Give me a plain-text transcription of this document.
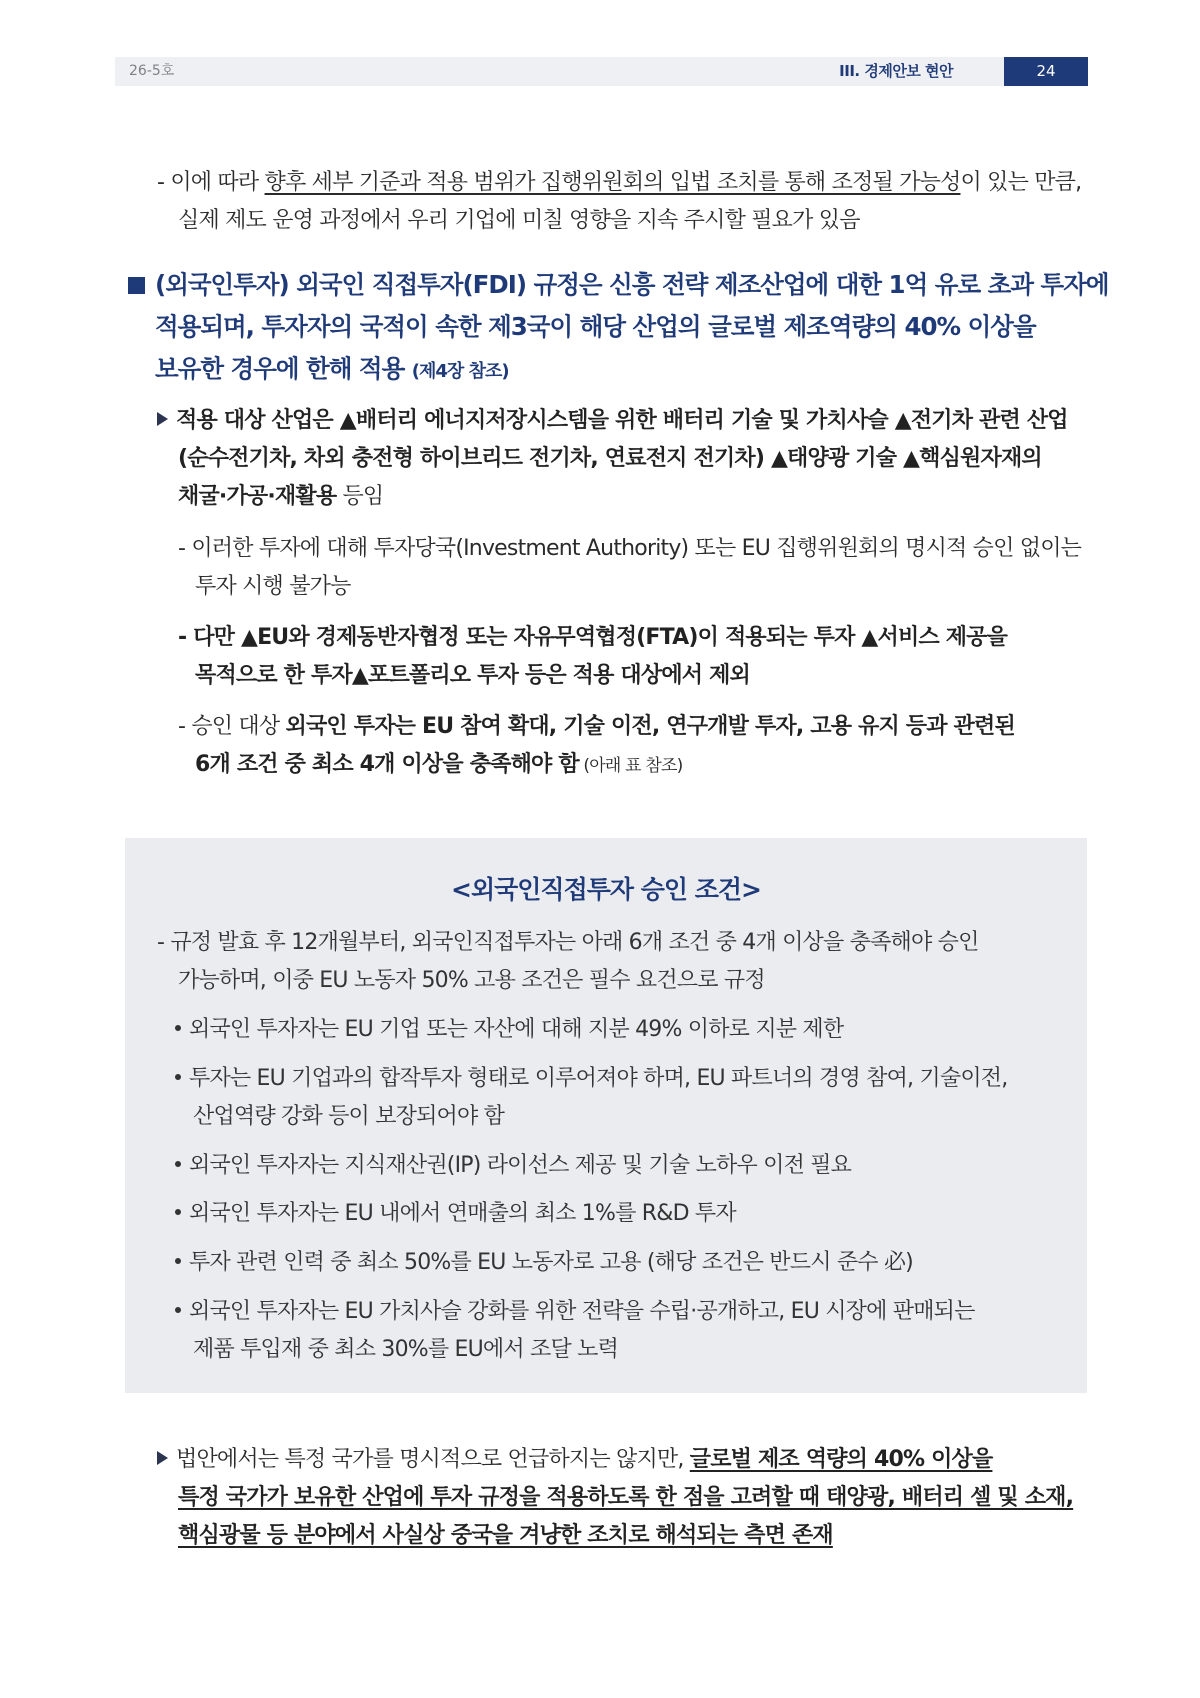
26-5호	III. 경제안보 현안	24
- 이에 따라 향후 세부 기준과 적용 범위가 집행위원회의 입법 조치를 통해 조정될 가능성이 있는 만큼,
실제 제도 운영 과정에서 우리 기업에 미칠 영향을 지속 주시할 필요가 있음
(외국인투자) 외국인 직접투자(FDI) 규정은 신흥 전략 제조산업에 대한 1억 유로 초과 투자에
적용되며, 투자자의 국적이 속한 제3국이 해당 산업의 글로벌 제조역량의 40% 이상을
보유한 경우에 한해 적용 (제4장 참조)
적용 대상 산업은 ▲배터리 에너지저장시스템을 위한 배터리 기술 및 가치사슬 ▲전기차 관련 산업
(순수전기차, 차외 충전형 하이브리드 전기차, 연료전지 전기차) ▲태양광 기술 ▲핵심원자재의
채굴·가공·재활용 등임
- 이러한 투자에 대해 투자당국(Investment Authority) 또는 EU 집행위원회의 명시적 승인 없이는
투자 시행 불가능
- 다만 ▲EU와 경제동반자협정 또는 자유무역협정(FTA)이 적용되는 투자 ▲서비스 제공을
목적으로 한 투자▲포트폴리오 투자 등은 적용 대상에서 제외
- 승인 대상 외국인 투자는 EU 참여 확대, 기술 이전, 연구개발 투자, 고용 유지 등과 관련된
6개 조건 중 최소 4개 이상을 충족해야 함 (아래 표 참조)
<외국인직접투자 승인 조건>
- 규정 발효 후 12개월부터, 외국인직접투자는 아래 6개 조건 중 4개 이상을 충족해야 승인
가능하며, 이중 EU 노동자 50% 고용 조건은 필수 요건으로 규정
외국인 투자자는 EU 기업 또는 자산에 대해 지분 49% 이하로 지분 제한
투자는 EU 기업과의 합작투자 형태로 이루어져야 하며, EU 파트너의 경영 참여, 기술이전,
산업역량 강화 등이 보장되어야 함
외국인 투자자는 지식재산권(IP) 라이선스 제공 및 기술 노하우 이전 필요
외국인 투자자는 EU 내에서 연매출의 최소 1%를 R&D 투자
투자 관련 인력 중 최소 50%를 EU 노동자로 고용 (해당 조건은 반드시 준수 必)
외국인 투자자는 EU 가치사슬 강화를 위한 전략을 수립·공개하고, EU 시장에 판매되는
제품 투입재 중 최소 30%를 EU에서 조달 노력
법안에서는 특정 국가를 명시적으로 언급하지는 않지만, 글로벌 제조 역량의 40% 이상을
특정 국가가 보유한 산업에 투자 규정을 적용하도록 한 점을 고려할 때 태양광, 배터리 셀 및 소재,
핵심광물 등 분야에서 사실상 중국을 겨냥한 조치로 해석되는 측면 존재
